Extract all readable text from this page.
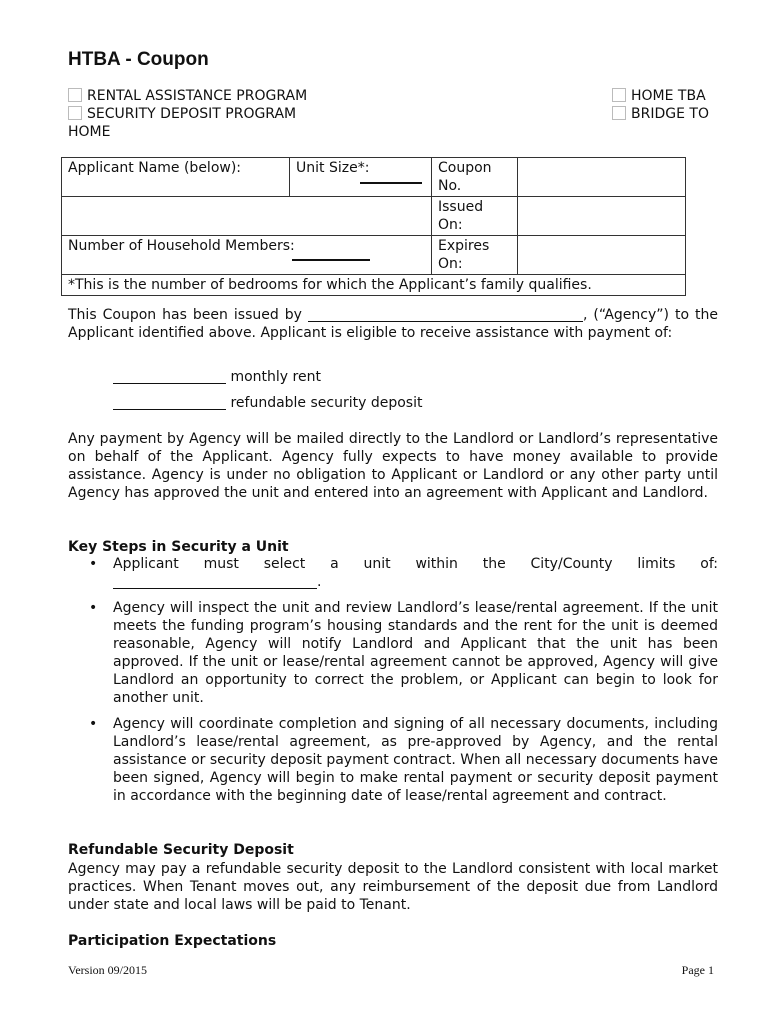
HTBA - Coupon
RENTAL ASSISTANCE PROGRAM	HOME TBA
SECURITY DEPOSIT PROGRAM	BRIDGE TO
HOME
Applicant Name (below):	Unit Size*:	Coupon No.	
		Issued On:	
Number of Household Members:		Expires On:	
*This is the number of bedrooms for which the Applicant’s family qualifies.			
This Coupon has been issued by	, (“Agency”) to the Applicant identified above. Applicant is eligible to receive assistance with payment of:
monthly rent
refundable security deposit
Any payment by Agency will be mailed directly to the Landlord or Landlord’s representative on behalf of the Applicant. Agency fully expects to have money available to provide assistance. Agency is under no obligation to Applicant or Landlord or any other party until Agency has approved the unit and entered into an agreement with Applicant and Landlord.
Key Steps in Security a Unit
• Applicant must select a unit within the City/County limits of:
.
• Agency will inspect the unit and review Landlord’s lease/rental agreement. If the unit meets the funding program’s housing standards and the rent for the unit is deemed reasonable, Agency will notify Landlord and Applicant that the unit has been approved. If the unit or lease/rental agreement cannot be approved, Agency will give Landlord an opportunity to correct the problem, or Applicant can begin to look for another unit.
• Agency will coordinate completion and signing of all necessary documents, including Landlord’s lease/rental agreement, as pre-approved by Agency, and the rental assistance or security deposit payment contract. When all necessary documents have been signed, Agency will begin to make rental payment or security deposit payment in accordance with the beginning date of lease/rental agreement and contract.
Refundable Security Deposit
Agency may pay a refundable security deposit to the Landlord consistent with local market practices. When Tenant moves out, any reimbursement of the deposit due from Landlord under state and local laws will be paid to Tenant.
Participation Expectations
Version 09/2015	Page 1
